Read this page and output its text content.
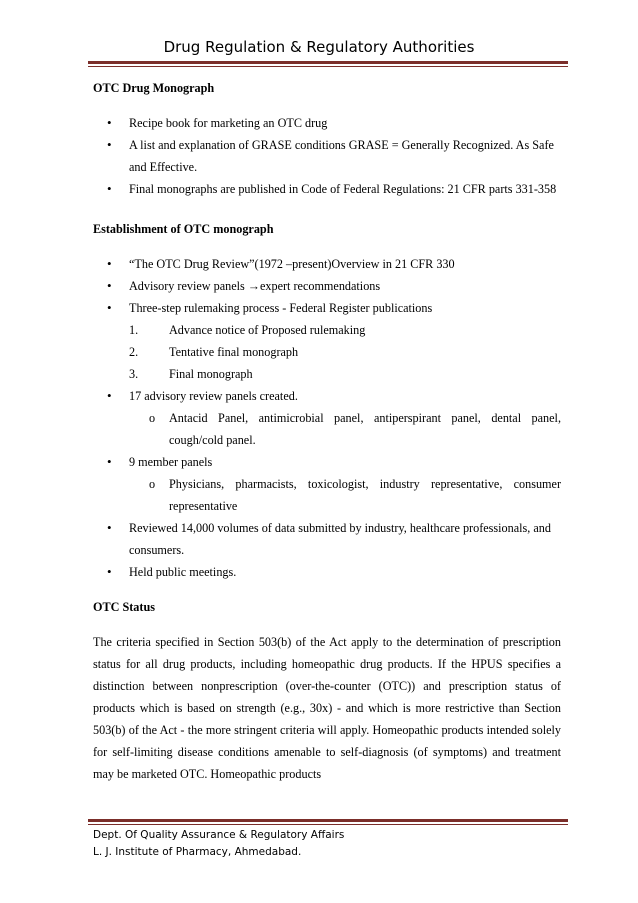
Drug Regulation & Regulatory Authorities

OTC Drug Monograph

• Recipe book for marketing an OTC drug
• A list and explanation of GRASE conditions GRASE = Generally Recognized. As Safe and Effective.
• Final monographs are published in Code of Federal Regulations: 21 CFR parts 331-358

Establishment of OTC monograph

• “The OTC Drug Review”(1972 –present)Overview in 21 CFR 330
• Advisory review panels →expert recommendations
• Three-step rulemaking process - Federal Register publications
1.	Advance notice of Proposed rulemaking
2.	Tentative final monograph
3.	Final monograph
• 17 advisory review panels created.
o Antacid Panel, antimicrobial panel, antiperspirant panel, dental panel, cough/cold panel.
• 9 member panels
o Physicians, pharmacists, toxicologist, industry representative, consumer representative
• Reviewed 14,000 volumes of data submitted by industry, healthcare professionals, and consumers.
• Held public meetings.

OTC Status

The criteria specified in Section 503(b) of the Act apply to the determination of prescription status for all drug products, including homeopathic drug products. If the HPUS specifies a distinction between nonprescription (over-the-counter (OTC)) and prescription status of products which is based on strength (e.g., 30x) - and which is more restrictive than Section 503(b) of the Act - the more stringent criteria will apply. Homeopathic products intended solely for self-limiting disease conditions amenable to self-diagnosis (of symptoms) and treatment may be marketed OTC. Homeopathic products

Dept. Of Quality Assurance & Regulatory Affairs
L. J. Institute of Pharmacy, Ahmedabad.
